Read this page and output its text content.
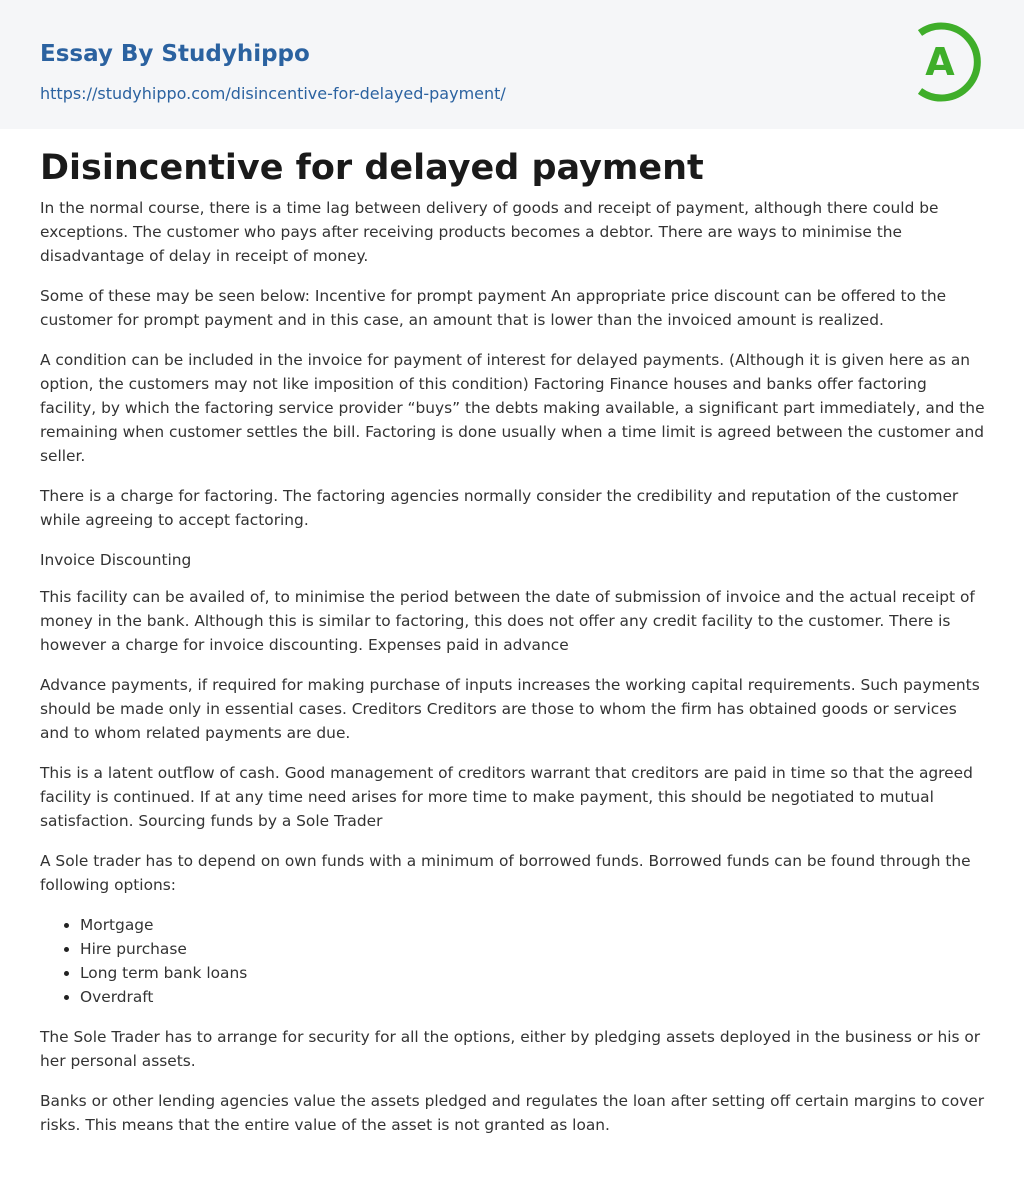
Essay By Studyhippo
https://studyhippo.com/disincentive-for-delayed-payment/
A
Disincentive for delayed payment

In the normal course, there is a time lag between delivery of goods and receipt of payment, although there could be exceptions. The customer who pays after receiving products becomes a debtor. There are ways to minimise the disadvantage of delay in receipt of money.

Some of these may be seen below: Incentive for prompt payment An appropriate price discount can be offered to the customer for prompt payment and in this case, an amount that is lower than the invoiced amount is realized.

A condition can be included in the invoice for payment of interest for delayed payments. (Although it is given here as an option, the customers may not like imposition of this condition) Factoring Finance houses and banks offer factoring facility, by which the factoring service provider “buys” the debts making available, a significant part immediately, and the remaining when customer settles the bill. Factoring is done usually when a time limit is agreed between the customer and seller.

There is a charge for factoring. The factoring agencies normally consider the credibility and reputation of the customer while agreeing to accept factoring.

Invoice Discounting

This facility can be availed of, to minimise the period between the date of submission of invoice and the actual receipt of money in the bank. Although this is similar to factoring, this does not offer any credit facility to the customer. There is however a charge for invoice discounting. Expenses paid in advance

Advance payments, if required for making purchase of inputs increases the working capital requirements. Such payments should be made only in essential cases. Creditors Creditors are those to whom the firm has obtained goods or services and to whom related payments are due.

This is a latent outflow of cash. Good management of creditors warrant that creditors are paid in time so that the agreed facility is continued. If at any time need arises for more time to make payment, this should be negotiated to mutual satisfaction. Sourcing funds by a Sole Trader

A Sole trader has to depend on own funds with a minimum of borrowed funds. Borrowed funds can be found through the following options:

Mortgage
Hire purchase
Long term bank loans
Overdraft

The Sole Trader has to arrange for security for all the options, either by pledging assets deployed in the business or his or her personal assets.

Banks or other lending agencies value the assets pledged and regulates the loan after setting off certain margins to cover risks. This means that the entire value of the asset is not granted as loan.
